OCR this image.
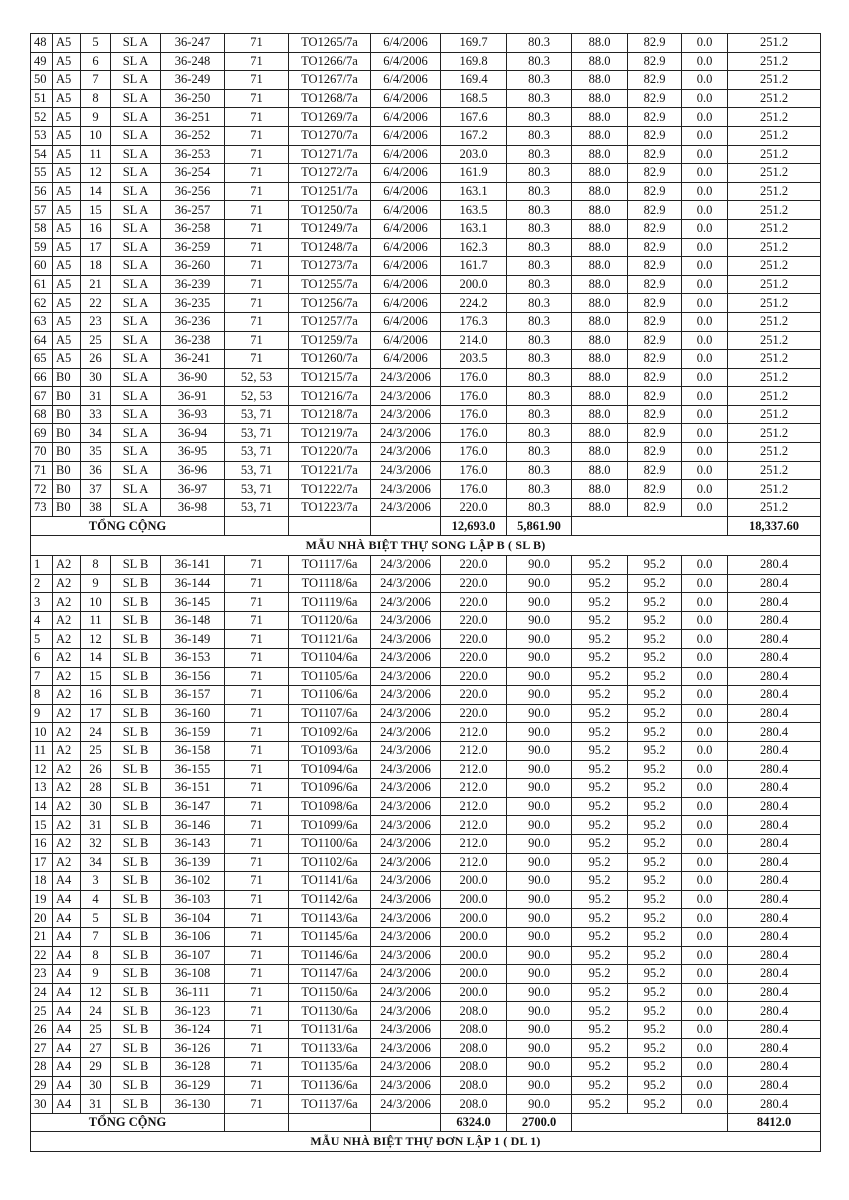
48	A5	5	SL A	36-247	71	TO1265/7a	6/4/2006	169.7	80.3	88.0	82.9	0.0	251.2
49	A5	6	SL A	36-248	71	TO1266/7a	6/4/2006	169.8	80.3	88.0	82.9	0.0	251.2
50	A5	7	SL A	36-249	71	TO1267/7a	6/4/2006	169.4	80.3	88.0	82.9	0.0	251.2
51	A5	8	SL A	36-250	71	TO1268/7a	6/4/2006	168.5	80.3	88.0	82.9	0.0	251.2
52	A5	9	SL A	36-251	71	TO1269/7a	6/4/2006	167.6	80.3	88.0	82.9	0.0	251.2
53	A5	10	SL A	36-252	71	TO1270/7a	6/4/2006	167.2	80.3	88.0	82.9	0.0	251.2
54	A5	11	SL A	36-253	71	TO1271/7a	6/4/2006	203.0	80.3	88.0	82.9	0.0	251.2
55	A5	12	SL A	36-254	71	TO1272/7a	6/4/2006	161.9	80.3	88.0	82.9	0.0	251.2
56	A5	14	SL A	36-256	71	TO1251/7a	6/4/2006	163.1	80.3	88.0	82.9	0.0	251.2
57	A5	15	SL A	36-257	71	TO1250/7a	6/4/2006	163.5	80.3	88.0	82.9	0.0	251.2
58	A5	16	SL A	36-258	71	TO1249/7a	6/4/2006	163.1	80.3	88.0	82.9	0.0	251.2
59	A5	17	SL A	36-259	71	TO1248/7a	6/4/2006	162.3	80.3	88.0	82.9	0.0	251.2
60	A5	18	SL A	36-260	71	TO1273/7a	6/4/2006	161.7	80.3	88.0	82.9	0.0	251.2
61	A5	21	SL A	36-239	71	TO1255/7a	6/4/2006	200.0	80.3	88.0	82.9	0.0	251.2
62	A5	22	SL A	36-235	71	TO1256/7a	6/4/2006	224.2	80.3	88.0	82.9	0.0	251.2
63	A5	23	SL A	36-236	71	TO1257/7a	6/4/2006	176.3	80.3	88.0	82.9	0.0	251.2
64	A5	25	SL A	36-238	71	TO1259/7a	6/4/2006	214.0	80.3	88.0	82.9	0.0	251.2
65	A5	26	SL A	36-241	71	TO1260/7a	6/4/2006	203.5	80.3	88.0	82.9	0.0	251.2
66	B0	30	SL A	36-90	52, 53	TO1215/7a	24/3/2006	176.0	80.3	88.0	82.9	0.0	251.2
67	B0	31	SL A	36-91	52, 53	TO1216/7a	24/3/2006	176.0	80.3	88.0	82.9	0.0	251.2
68	B0	33	SL A	36-93	53, 71	TO1218/7a	24/3/2006	176.0	80.3	88.0	82.9	0.0	251.2
69	B0	34	SL A	36-94	53, 71	TO1219/7a	24/3/2006	176.0	80.3	88.0	82.9	0.0	251.2
70	B0	35	SL A	36-95	53, 71	TO1220/7a	24/3/2006	176.0	80.3	88.0	82.9	0.0	251.2
71	B0	36	SL A	36-96	53, 71	TO1221/7a	24/3/2006	176.0	80.3	88.0	82.9	0.0	251.2
72	B0	37	SL A	36-97	53, 71	TO1222/7a	24/3/2006	176.0	80.3	88.0	82.9	0.0	251.2
73	B0	38	SL A	36-98	53, 71	TO1223/7a	24/3/2006	220.0	80.3	88.0	82.9	0.0	251.2
TỔNG CỘNG								12,693.0	5,861.90				18,337.60
MẪU NHÀ BIỆT THỰ SONG LẬP B ( SL B)													
1	A2	8	SL B	36-141	71	TO1117/6a	24/3/2006	220.0	90.0	95.2	95.2	0.0	280.4
2	A2	9	SL B	36-144	71	TO1118/6a	24/3/2006	220.0	90.0	95.2	95.2	0.0	280.4
3	A2	10	SL B	36-145	71	TO1119/6a	24/3/2006	220.0	90.0	95.2	95.2	0.0	280.4
4	A2	11	SL B	36-148	71	TO1120/6a	24/3/2006	220.0	90.0	95.2	95.2	0.0	280.4
5	A2	12	SL B	36-149	71	TO1121/6a	24/3/2006	220.0	90.0	95.2	95.2	0.0	280.4
6	A2	14	SL B	36-153	71	TO1104/6a	24/3/2006	220.0	90.0	95.2	95.2	0.0	280.4
7	A2	15	SL B	36-156	71	TO1105/6a	24/3/2006	220.0	90.0	95.2	95.2	0.0	280.4
8	A2	16	SL B	36-157	71	TO1106/6a	24/3/2006	220.0	90.0	95.2	95.2	0.0	280.4
9	A2	17	SL B	36-160	71	TO1107/6a	24/3/2006	220.0	90.0	95.2	95.2	0.0	280.4
10	A2	24	SL B	36-159	71	TO1092/6a	24/3/2006	212.0	90.0	95.2	95.2	0.0	280.4
11	A2	25	SL B	36-158	71	TO1093/6a	24/3/2006	212.0	90.0	95.2	95.2	0.0	280.4
12	A2	26	SL B	36-155	71	TO1094/6a	24/3/2006	212.0	90.0	95.2	95.2	0.0	280.4
13	A2	28	SL B	36-151	71	TO1096/6a	24/3/2006	212.0	90.0	95.2	95.2	0.0	280.4
14	A2	30	SL B	36-147	71	TO1098/6a	24/3/2006	212.0	90.0	95.2	95.2	0.0	280.4
15	A2	31	SL B	36-146	71	TO1099/6a	24/3/2006	212.0	90.0	95.2	95.2	0.0	280.4
16	A2	32	SL B	36-143	71	TO1100/6a	24/3/2006	212.0	90.0	95.2	95.2	0.0	280.4
17	A2	34	SL B	36-139	71	TO1102/6a	24/3/2006	212.0	90.0	95.2	95.2	0.0	280.4
18	A4	3	SL B	36-102	71	TO1141/6a	24/3/2006	200.0	90.0	95.2	95.2	0.0	280.4
19	A4	4	SL B	36-103	71	TO1142/6a	24/3/2006	200.0	90.0	95.2	95.2	0.0	280.4
20	A4	5	SL B	36-104	71	TO1143/6a	24/3/2006	200.0	90.0	95.2	95.2	0.0	280.4
21	A4	7	SL B	36-106	71	TO1145/6a	24/3/2006	200.0	90.0	95.2	95.2	0.0	280.4
22	A4	8	SL B	36-107	71	TO1146/6a	24/3/2006	200.0	90.0	95.2	95.2	0.0	280.4
23	A4	9	SL B	36-108	71	TO1147/6a	24/3/2006	200.0	90.0	95.2	95.2	0.0	280.4
24	A4	12	SL B	36-111	71	TO1150/6a	24/3/2006	200.0	90.0	95.2	95.2	0.0	280.4
25	A4	24	SL B	36-123	71	TO1130/6a	24/3/2006	208.0	90.0	95.2	95.2	0.0	280.4
26	A4	25	SL B	36-124	71	TO1131/6a	24/3/2006	208.0	90.0	95.2	95.2	0.0	280.4
27	A4	27	SL B	36-126	71	TO1133/6a	24/3/2006	208.0	90.0	95.2	95.2	0.0	280.4
28	A4	29	SL B	36-128	71	TO1135/6a	24/3/2006	208.0	90.0	95.2	95.2	0.0	280.4
29	A4	30	SL B	36-129	71	TO1136/6a	24/3/2006	208.0	90.0	95.2	95.2	0.0	280.4
30	A4	31	SL B	36-130	71	TO1137/6a	24/3/2006	208.0	90.0	95.2	95.2	0.0	280.4
TỔNG CỘNG								6324.0	2700.0				8412.0
MẪU NHÀ BIỆT THỰ ĐƠN LẬP 1 ( DL 1)													
